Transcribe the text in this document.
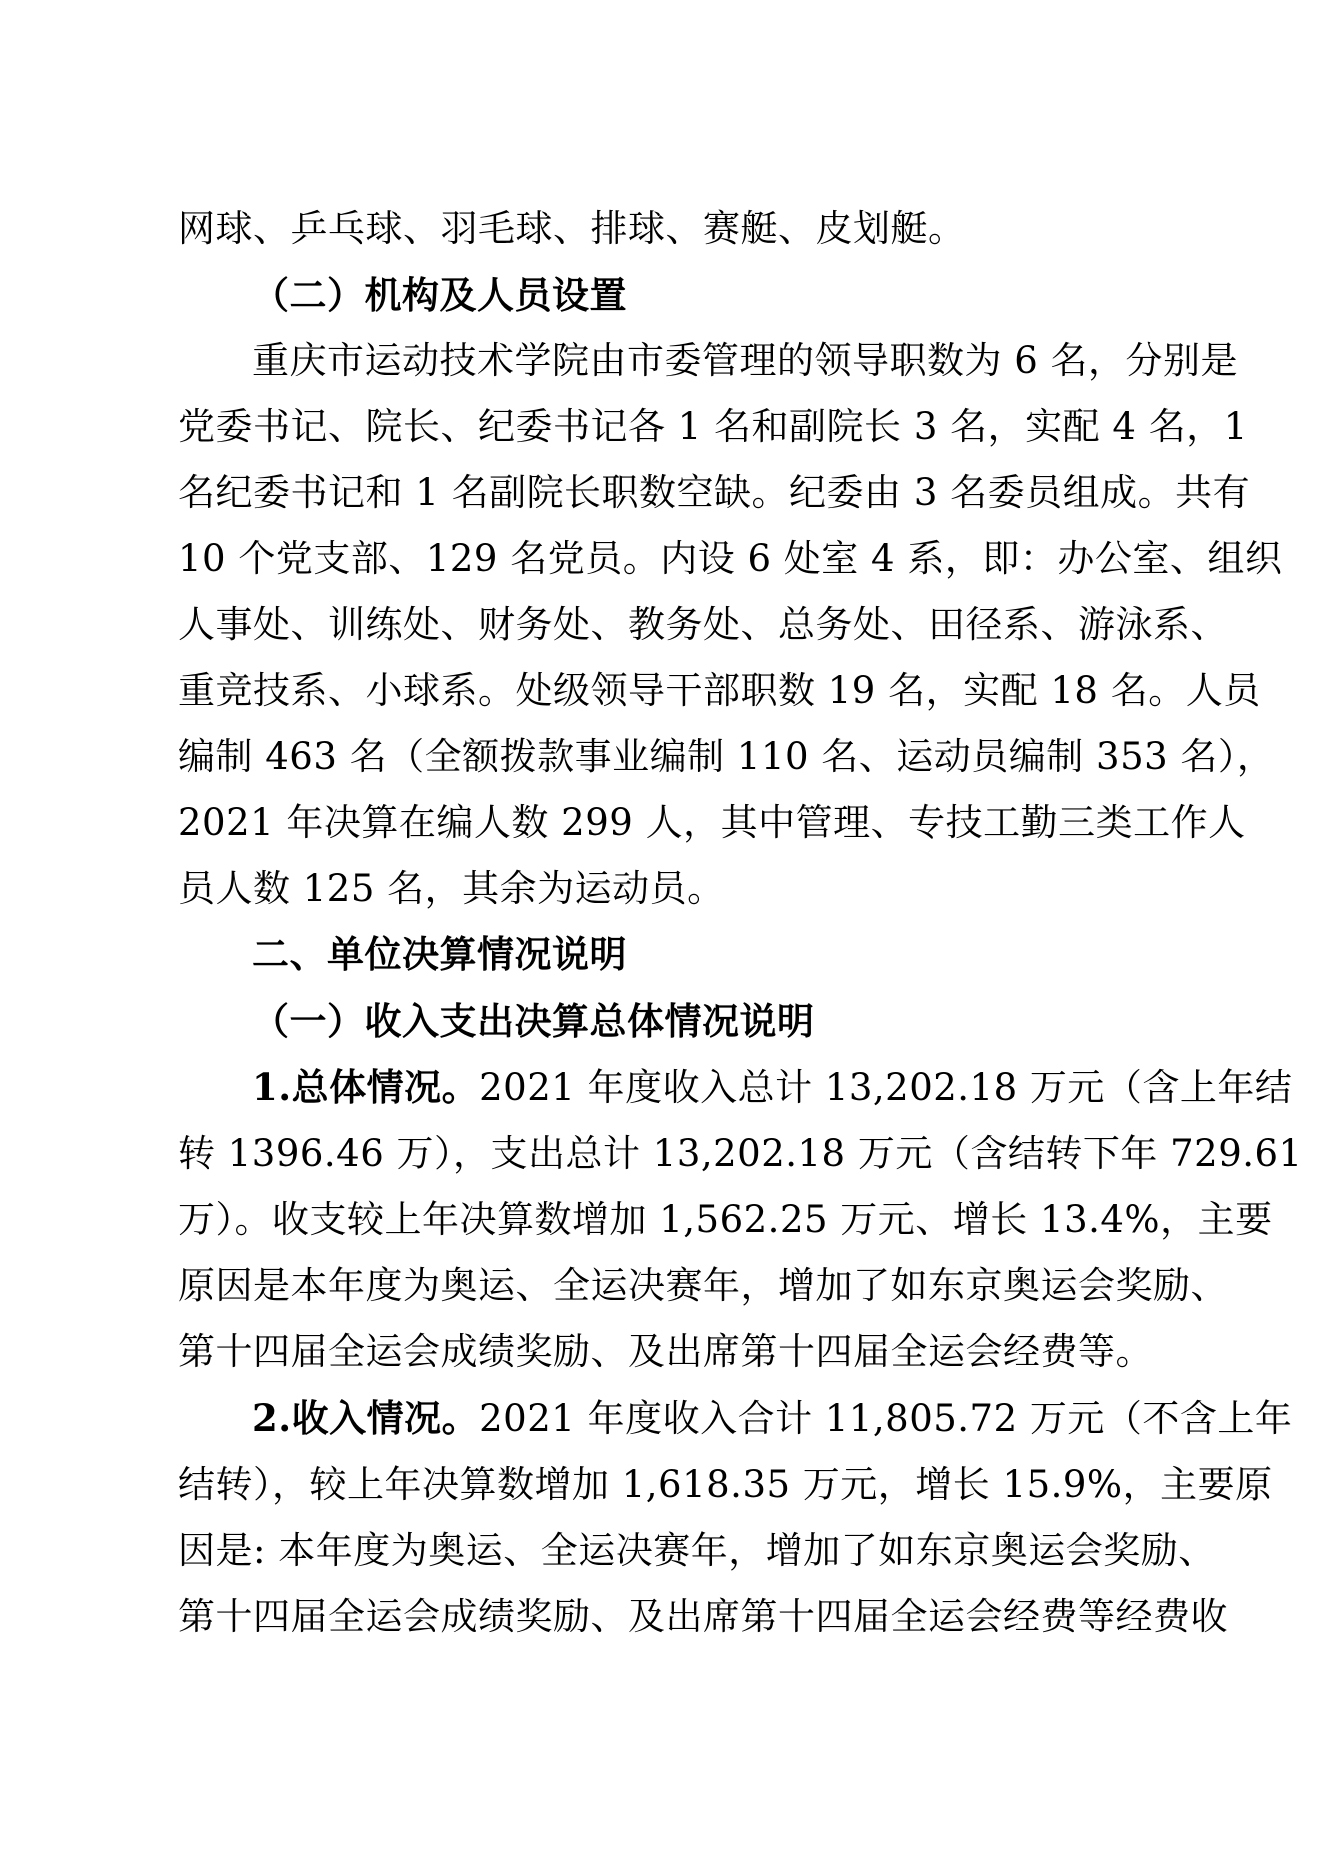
网球、乒乓球、羽毛球、排球、赛艇、皮划艇。
（二）机构及人员设置
重庆市运动技术学院由市委管理的领导职数为 6 名，分别是
党委书记、院长、纪委书记各 1 名和副院长 3 名，实配 4 名，1
名纪委书记和 1 名副院长职数空缺。纪委由 3 名委员组成。共有
10 个党支部、129 名党员。内设 6 处室 4 系，即：办公室、组织
人事处、训练处、财务处、教务处、总务处、田径系、游泳系、
重竞技系、小球系。处级领导干部职数 19 名，实配 18 名。人员
编制 463 名（全额拨款事业编制 110 名、运动员编制 353 名），
2021 年决算在编人数 299 人，其中管理、专技工勤三类工作人
员人数 125 名，其余为运动员。
二、单位决算情况说明
（一）收入支出决算总体情况说明
1.总体情况。2021 年度收入总计 13,202.18 万元（含上年结
转 1396.46 万），支出总计 13,202.18 万元（含结转下年 729.61
万）。收支较上年决算数增加 1,562.25 万元、增长 13.4%，主要
原因是本年度为奥运、全运决赛年，增加了如东京奥运会奖励、
第十四届全运会成绩奖励、及出席第十四届全运会经费等。
2.收入情况。2021 年度收入合计 11,805.72 万元（不含上年
结转），较上年决算数增加 1,618.35 万元，增长 15.9%，主要原
因是: 本年度为奥运、全运决赛年，增加了如东京奥运会奖励、
第十四届全运会成绩奖励、及出席第十四届全运会经费等经费收
